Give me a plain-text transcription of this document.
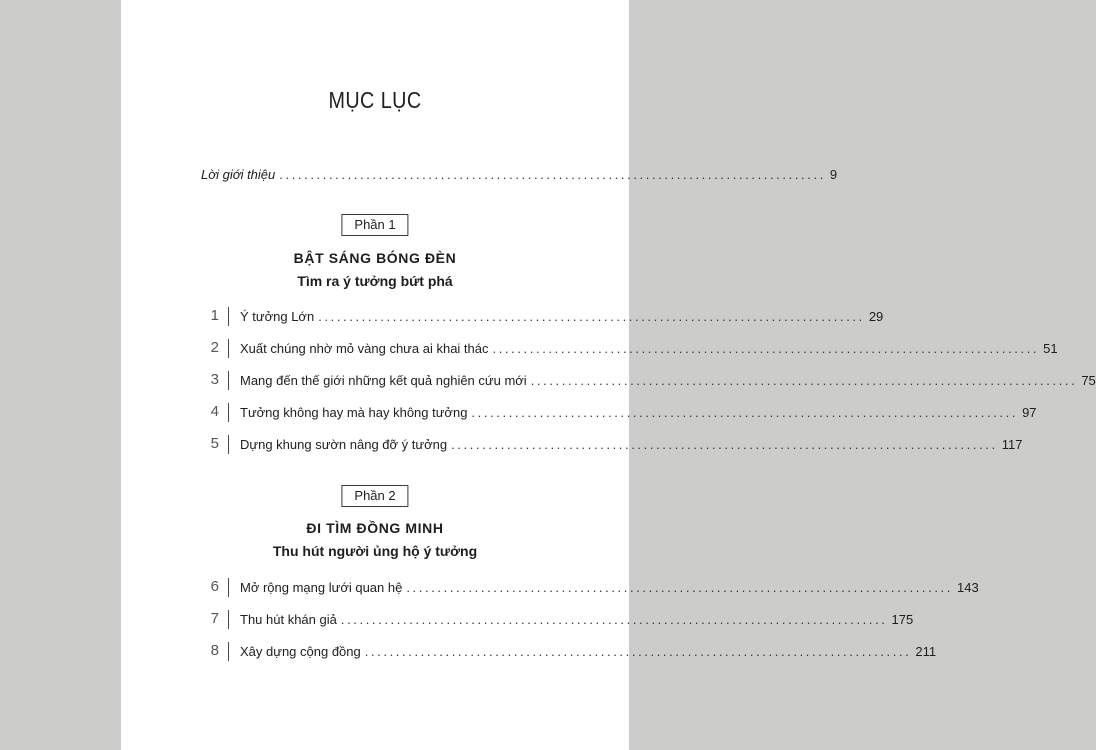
MỤC LỤC
Lời giới thiệu ........................................................................................ 9
Phần 1
BẬT SÁNG BÓNG ĐÈN
Tìm ra ý tưởng bứt phá
1 Ý tưởng Lớn ........................................................................................ 29
2 Xuất chúng nhờ mỏ vàng chưa ai khai thác ........................................................................................ 51
3 Mang đến thế giới những kết quả nghiên cứu mới ........................................................................................ 75
4 Tưởng không hay mà hay không tưởng ........................................................................................ 97
5 Dựng khung sườn nâng đỡ ý tưởng ........................................................................................ 117
Phần 2
ĐI TÌM ĐỒNG MINH
Thu hút người ủng hộ ý tưởng
6 Mở rộng mạng lưới quan hệ ........................................................................................ 143
7 Thu hút khán giả ........................................................................................ 175
8 Xây dựng cộng đồng ........................................................................................ 211
